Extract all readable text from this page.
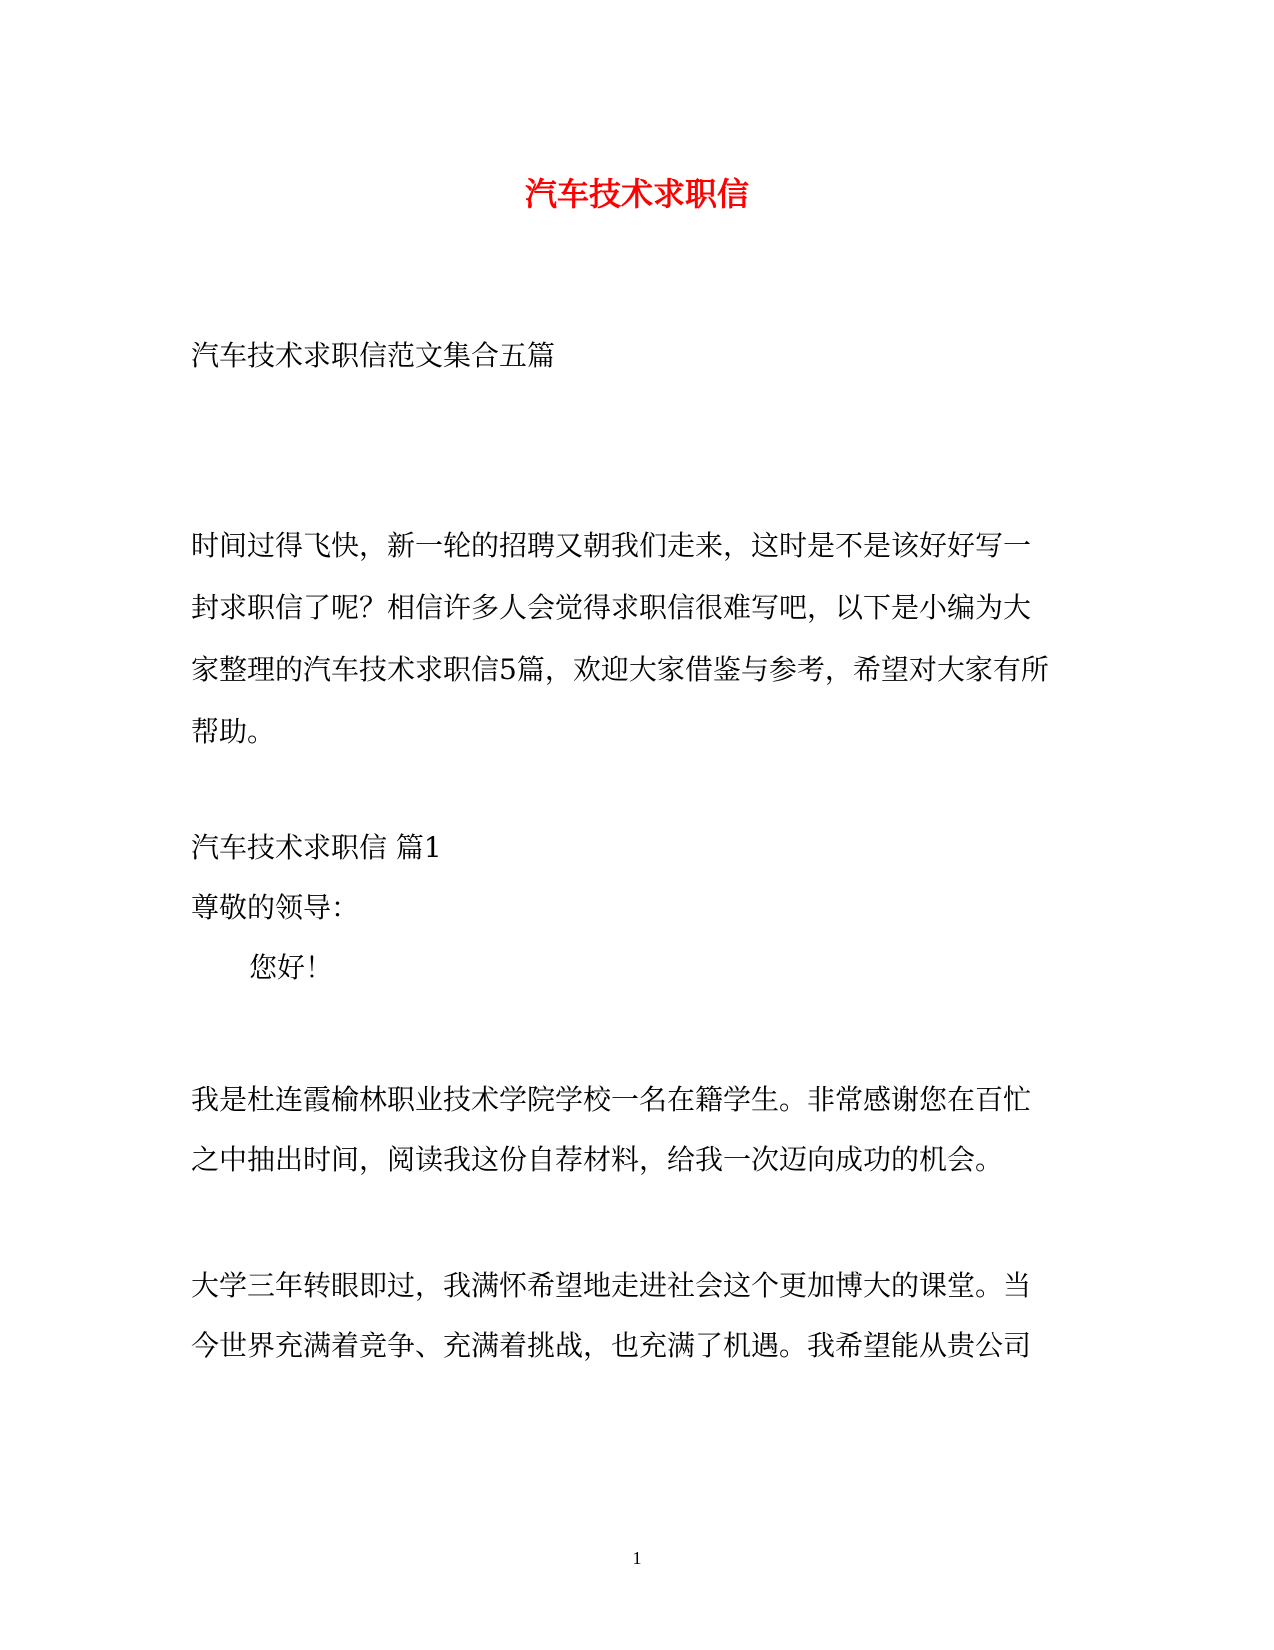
汽车技术求职信
汽车技术求职信范文集合五篇
时间过得飞快，新一轮的招聘又朝我们走来，这时是不是该好好写一
封求职信了呢？相信许多人会觉得求职信很难写吧，以下是小编为大
家整理的汽车技术求职信5篇，欢迎大家借鉴与参考，希望对大家有所
帮助。
汽车技术求职信 篇1
尊敬的领导：
您好！
我是杜连霞榆林职业技术学院学校一名在籍学生。非常感谢您在百忙
之中抽出时间，阅读我这份自荐材料，给我一次迈向成功的机会。
大学三年转眼即过，我满怀希望地走进社会这个更加博大的课堂。当
今世界充满着竞争、充满着挑战，也充满了机遇。我希望能从贵公司
1
